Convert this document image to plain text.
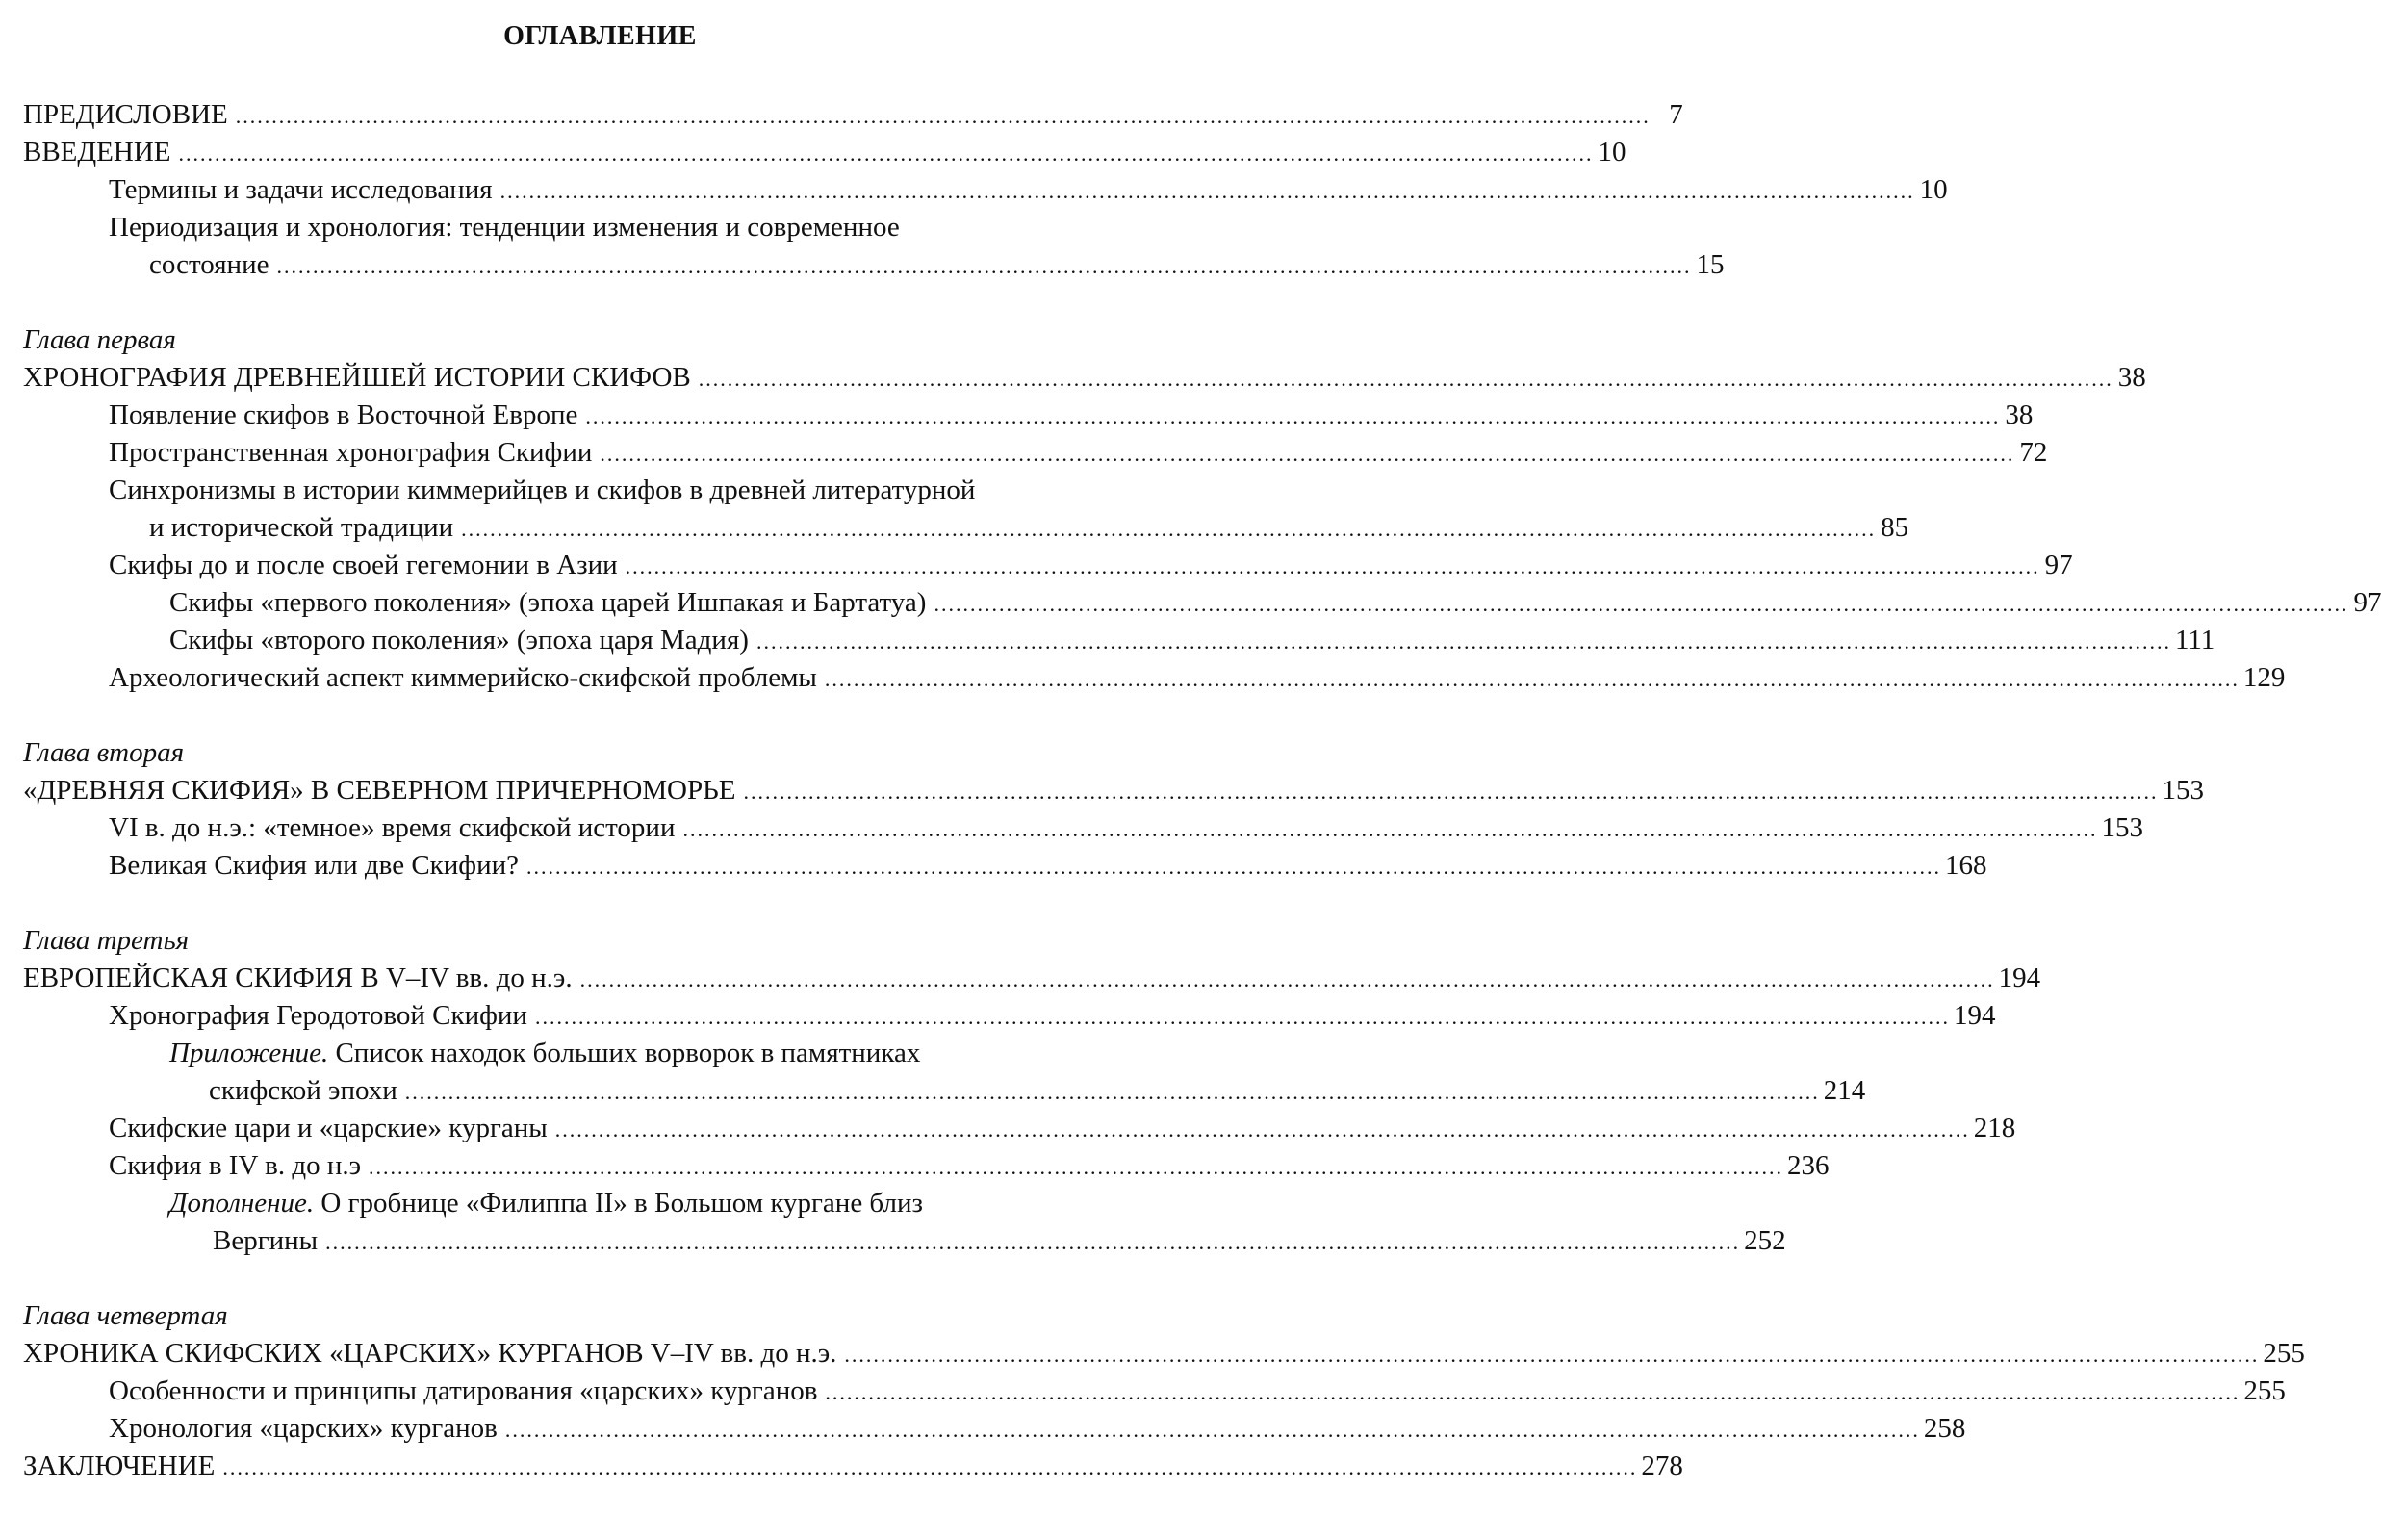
ОГЛАВЛЕНИЕ
ПРЕДИСЛОВИЕ .................................................................................................................................................................................................... 7
ВВЕДЕНИЕ .................................................................................................................................................................................................... 10
Термины и задачи исследования .................................................................................................................................................................................................... 10
Периодизация и хронология: тенденции изменения и современное
состояние .................................................................................................................................................................................................... 15
Глава первая
ХРОНОГРАФИЯ ДРЕВНЕЙШЕЙ ИСТОРИИ СКИФОВ .................................................................................................................................................................................................... 38
Появление скифов в Восточной Европе .................................................................................................................................................................................................... 38
Пространственная хронография Скифии .................................................................................................................................................................................................... 72
Синхронизмы в истории киммерийцев и скифов в древней литературной
и исторической традиции .................................................................................................................................................................................................... 85
Скифы до и после своей гегемонии в Азии .................................................................................................................................................................................................... 97
Скифы «первого поколения» (эпоха царей Ишпакая и Бартатуа) .................................................................................................................................................................................................... 97
Скифы «второго поколения» (эпоха царя Мадия) .................................................................................................................................................................................................... 111
Археологический аспект киммерийско-скифской проблемы .................................................................................................................................................................................................... 129
Глава вторая
«ДРЕВНЯЯ СКИФИЯ» В СЕВЕРНОМ ПРИЧЕРНОМОРЬЕ .................................................................................................................................................................................................... 153
VI в. до н.э.: «темное» время скифской истории .................................................................................................................................................................................................... 153
Великая Скифия или две Скифии? .................................................................................................................................................................................................... 168
Глава третья
ЕВРОПЕЙСКАЯ СКИФИЯ В V–IV вв. до н.э. .................................................................................................................................................................................................... 194
Хронография Геродотовой Скифии .................................................................................................................................................................................................... 194
Приложение. Список находок больших ворворок в памятниках
скифской эпохи .................................................................................................................................................................................................... 214
Скифские цари и «царские» курганы .................................................................................................................................................................................................... 218
Скифия в IV в. до н.э .................................................................................................................................................................................................... 236
Дополнение. О гробнице «Филиппа II» в Большом кургане близ
Вергины .................................................................................................................................................................................................... 252
Глава четвертая
ХРОНИКА СКИФСКИХ «ЦАРСКИХ» КУРГАНОВ V–IV вв. до н.э. .................................................................................................................................................................................................... 255
Особенности и принципы датирования «царских» курганов .................................................................................................................................................................................................... 255
Хронология «царских» курганов .................................................................................................................................................................................................... 258
ЗАКЛЮЧЕНИЕ .................................................................................................................................................................................................... 278
